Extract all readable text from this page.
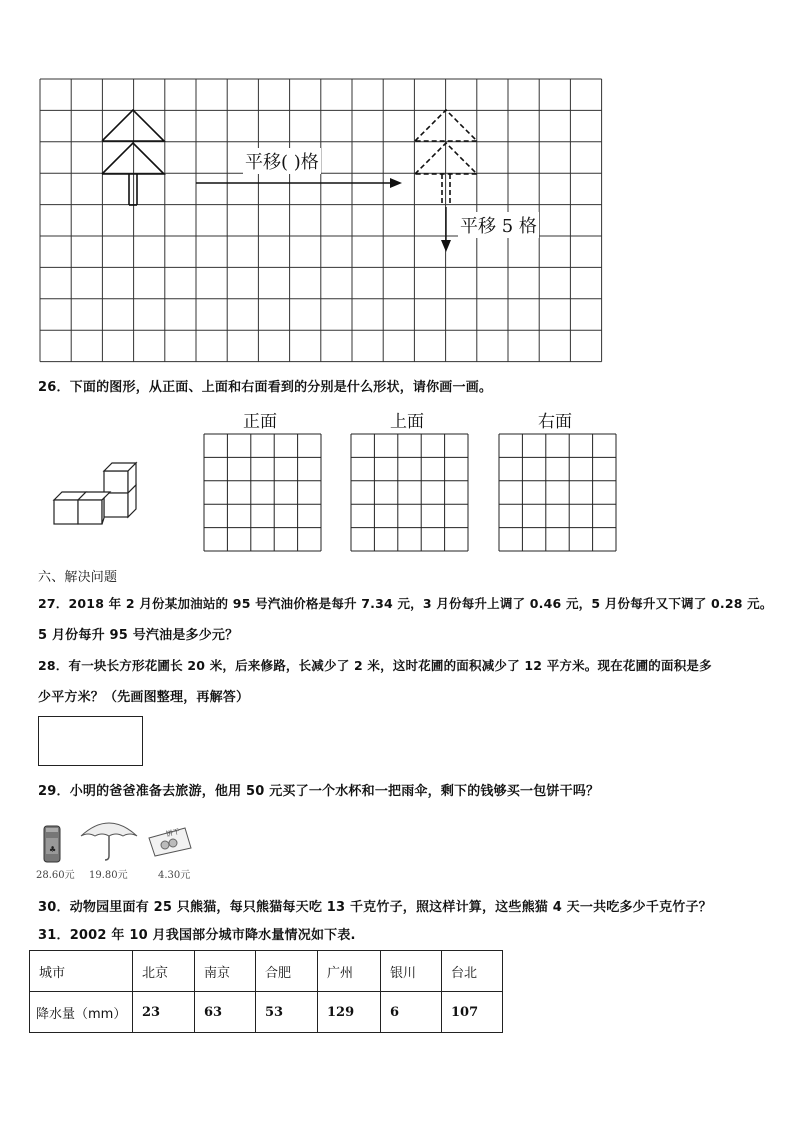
平移( )格
平移 5 格
26．下面的图形，从正面、上面和右面看到的分别是什么形状，请你画一画。
正面	上面	右面
六、解决问题
27．2018 年 2 月份某加油站的 95 号汽油价格是每升 7.34 元，3 月份每升上调了 0.46 元，5 月份每升又下调了 0.28 元。
5 月份每升 95 号汽油是多少元？
28．有一块长方形花圃长 20 米，后来修路，长减少了 2 米，这时花圃的面积减少了 12 平方米。现在花圃的面积是多
少平方米？（先画图整理，再解答）
29．小明的爸爸准备去旅游，他用 50 元买了一个水杯和一把雨伞，剩下的钱够买一包饼干吗？
♣
28.60元 19.80元
饼干
4.30元
30．动物园里面有 25 只熊猫，每只熊猫每天吃 13 千克竹子，照这样计算，这些熊猫 4 天一共吃多少千克竹子？
31．2002 年 10 月我国部分城市降水量情况如下表.
城市	北京	南京	合肥	广州	银川	台北
降水量（mm）	23	63	53	129	6	107
